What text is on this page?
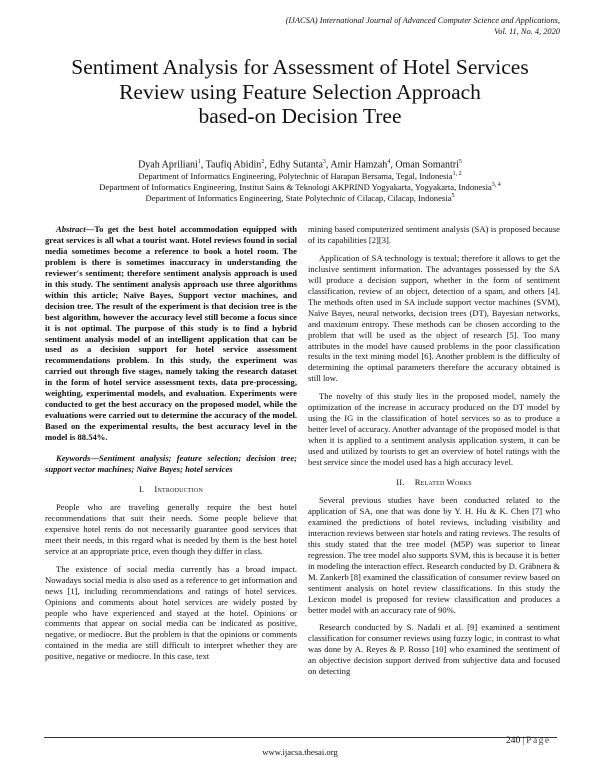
(IJACSA) International Journal of Advanced Computer Science and Applications,
Vol. 11, No. 4, 2020
Sentiment Analysis for Assessment of Hotel Services
Review using Feature Selection Approach
based-on Decision Tree
Dyah Apriliani$^1$, Taufiq Abidin$^2$, Edhy Sutanta$^3$, Amir Hamzah$^4$, Oman Somantri$^5$
Department of Informatics Engineering, Polytechnic of Harapan Bersama, Tegal, Indonesia$^{1, 2}$
Department of Informatics Engineering, Institut Sains & Teknologi AKPRIND Yogyakarta, Yogyakarta, Indonesia$^{3, 4}$
Department of Informatics Engineering, State Polytechnic of Cilacap, Cilacap, Indonesia$^5$

Abstract—To get the best hotel accommodation equipped with great services is all what a tourist want. Hotel reviews found in social media sometimes become a reference to book a hotel room. The problem is there is sometimes inaccuracy in understanding the reviewer's sentiment; therefore sentiment analysis approach is used in this study. The sentiment analysis approach use three algorithms within this article; Naïve Bayes, Support vector machines, and decision tree. The result of the experiment is that decision tree is the best algorithm, however the accuracy level still become a focus since it is not optimal. The purpose of this study is to find a hybrid sentiment analysis model of an intelligent application that can be used as a decision support for hotel service assessment recommendations problem. In this study, the experiment was carried out through five stages, namely taking the research dataset in the form of hotel service assessment texts, data pre-processing, weighting, experimental models, and evaluation. Experiments were conducted to get the best accuracy on the proposed model, while the evaluations were carried out to determine the accuracy of the model. Based on the experimental results, the best accuracy level in the model is 88.54%.

Keywords—Sentiment analysis; feature selection; decision tree; support vector machines; Naïve Bayes; hotel services

I. Introduction

People who are traveling generally require the best hotel recommendations that suit their needs. Some people believe that expensive hotel rents do not necessarily guarantee good services that meet their needs, in this regard what is needed by them is the best hotel service at an appropriate price, even though they differ in class.

The existence of social media currently has a broad impact. Nowadays social media is also used as a reference to get information and news [1], including recommendations and ratings of hotel services. Opinions and comments about hotel services are widely posted by people who have experienced and stayed at the hotel. Opinions or comments that appear on social media can be indicated as positive, negative, or mediocre. But the problem is that the opinions or comments contained in the media are still difficult to interpret whether they are positive, negative or mediocre. In this case, text

mining based computerized sentiment analysis (SA) is proposed because of its capabilities [2][3].

Application of SA technology is textual; therefore it allows to get the inclusive sentiment information. The advantages possessed by the SA will produce a decision support, whether in the form of sentiment classification, review of an object, detection of a spam, and others [4]. The methods often used in SA include support vector machines (SVM), Naïve Bayes, neural networks, decision trees (DT), Bayesian networks, and maximum entropy. These methods can be chosen according to the problem that will be used as the object of research [5]. Too many attributes in the model have caused problems in the poor classification results in the text mining model [6]. Another problem is the difficulty of determining the optimal parameters therefore the accuracy obtained is still low.

The novelty of this study lies in the proposed model, namely the optimization of the increase in accuracy produced on the DT model by using the IG in the classification of hotel services so as to produce a better level of accuracy. Another advantage of the proposed model is that when it is applied to a sentiment analysis application system, it can be used and utilized by tourists to get an overview of hotel ratings with the best service since the model used has a high accuracy level.

II. Related Works

Several previous studies have been conducted related to the application of SA, one that was done by Y. H. Hu & K. Chen [7] who examined the predictions of hotel reviews, including visibility and interaction reviews between star hotels and rating reviews. The results of this study stated that the tree model (M5P) was superior to linear regression. The tree model also supports SVM, this is because it is better in modeling the interaction effect. Research conducted by D. Gräbnera & M. Zankerb [8] examined the classification of consumer review based on sentiment analysis on hotel review classifications. In this study the Lexicon model is proposed for review classification and produces a better model with an accuracy rate of 90%.

Research conducted by S. Nadali et al. [9] examined a sentiment classification for consumer reviews using fuzzy logic, in contrast to what was done by A. Reyes & P. Rosso [10] who examined the sentiment of an objective decision support derived from subjective data and focused on detecting

240 | Page
www.ijacsa.thesai.org
